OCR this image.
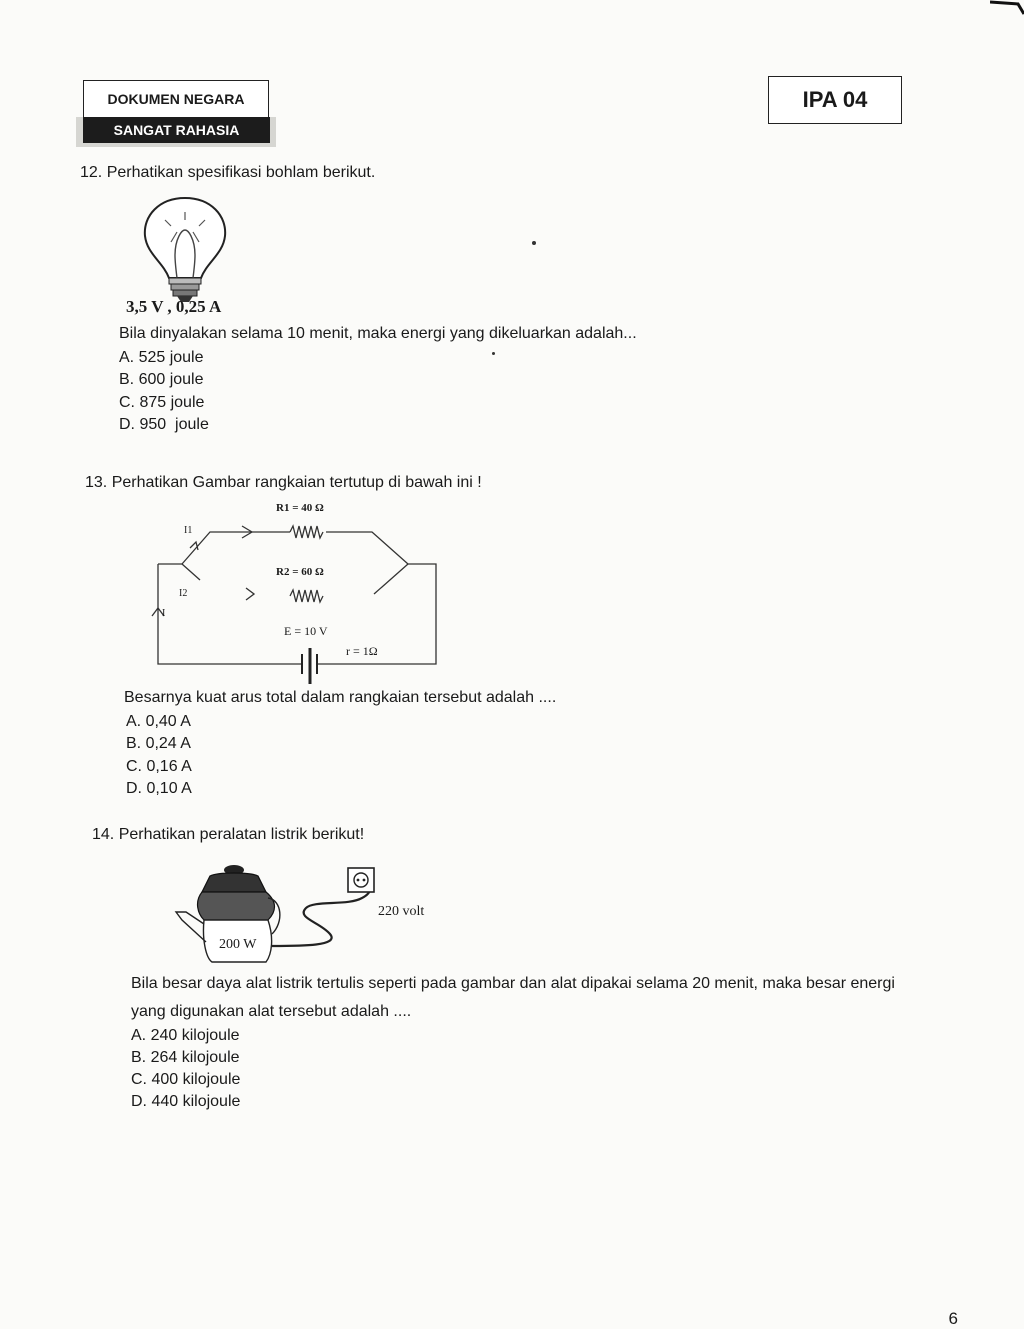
DOKUMEN NEGARA
SANGAT RAHASIA
IPA 04
12. Perhatikan spesifikasi bohlam berikut.
3,5 V , 0,25 A
Bila dinyalakan selama 10 menit, maka energi yang dikeluarkan adalah...
A. 525 joule
B. 600 joule
C. 875 joule
D. 950  joule
13. Perhatikan Gambar rangkaian tertutup di bawah ini !
R1 = 40 Ω
R2 = 60 Ω
E = 10 V
r = 1Ω
I1
I2
I
Besarnya kuat arus total dalam rangkaian tersebut adalah ....
A. 0,40 A
B. 0,24 A
C. 0,16 A
D. 0,10 A
14. Perhatikan peralatan listrik berikut!
200 W
220 volt
Bila besar daya alat listrik tertulis seperti pada gambar dan alat dipakai selama 20 menit, maka besar energi
yang digunakan alat tersebut adalah ....
A. 240 kilojoule
B. 264 kilojoule
C. 400 kilojoule
D. 440 kilojoule
6
